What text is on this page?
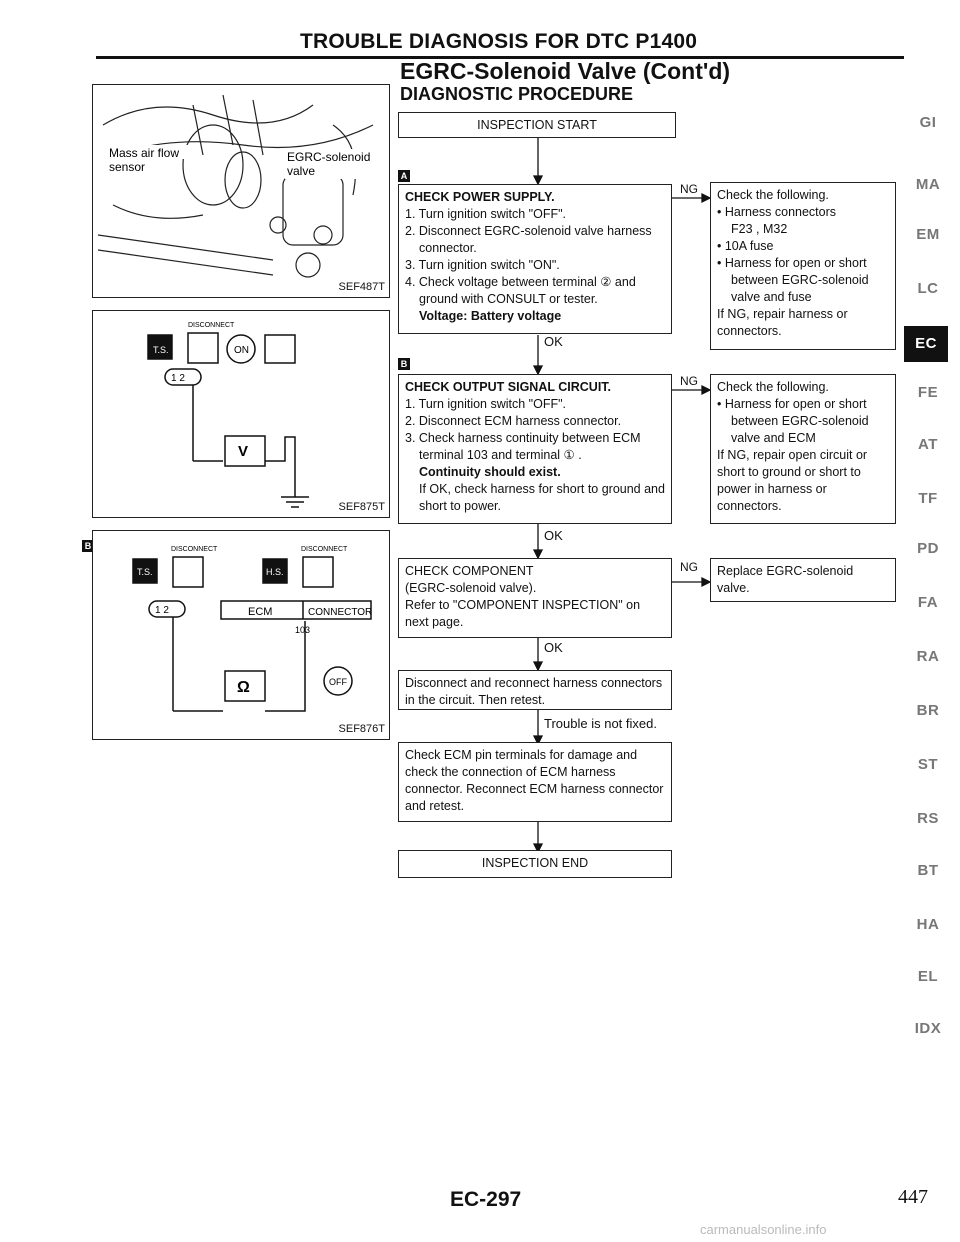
TROUBLE DIAGNOSIS FOR DTC P1400
EGRC-Solenoid Valve (Cont'd)
DIAGNOSTIC PROCEDURE
Mass air flow
sensor
EGRC-solenoid
valve
SEF487T
T.S.
DISCONNECT
ON
1 2
V
SEF875T
B
T.S.	H.S.
DISCONNECT	DISCONNECT
1 2	ECM	CONNECTOR
103
Ω	OFF
SEF876T
INSPECTION START
A
CHECK POWER SUPPLY.
1. Turn ignition switch "OFF".
2. Disconnect EGRC-solenoid valve harness connector.
3. Turn ignition switch "ON".
4. Check voltage between terminal ② and ground with CONSULT or tester.
Voltage: Battery voltage
NG
OK
Check the following.
• Harness connectors
F23 , M32
• 10A fuse
• Harness for open or short between EGRC-solenoid valve and fuse
If NG, repair harness or connectors.
B
CHECK OUTPUT SIGNAL CIRCUIT.
1. Turn ignition switch "OFF".
2. Disconnect ECM harness connector.
3. Check harness continuity between ECM terminal 103 and terminal ① .
Continuity should exist.
If OK, check harness for short to ground and short to power.
NG
OK
Check the following.
• Harness for open or short between EGRC-solenoid valve and ECM
If NG, repair open circuit or short to ground or short to power in harness or connectors.
CHECK COMPONENT
(EGRC-solenoid valve).
Refer to "COMPONENT INSPECTION" on next page.
NG
OK
Replace EGRC-solenoid valve.
Disconnect and reconnect harness connectors in the circuit. Then retest.
Trouble is not fixed.
Check ECM pin terminals for damage and check the connection of ECM harness connector. Reconnect ECM harness connector and retest.
INSPECTION END
GI
MA
EM
LC
EC
FE
AT
TF
PD
FA
RA
BR
ST
RS
BT
HA
EL
IDX
EC-297	447
carmanualsonline.info
